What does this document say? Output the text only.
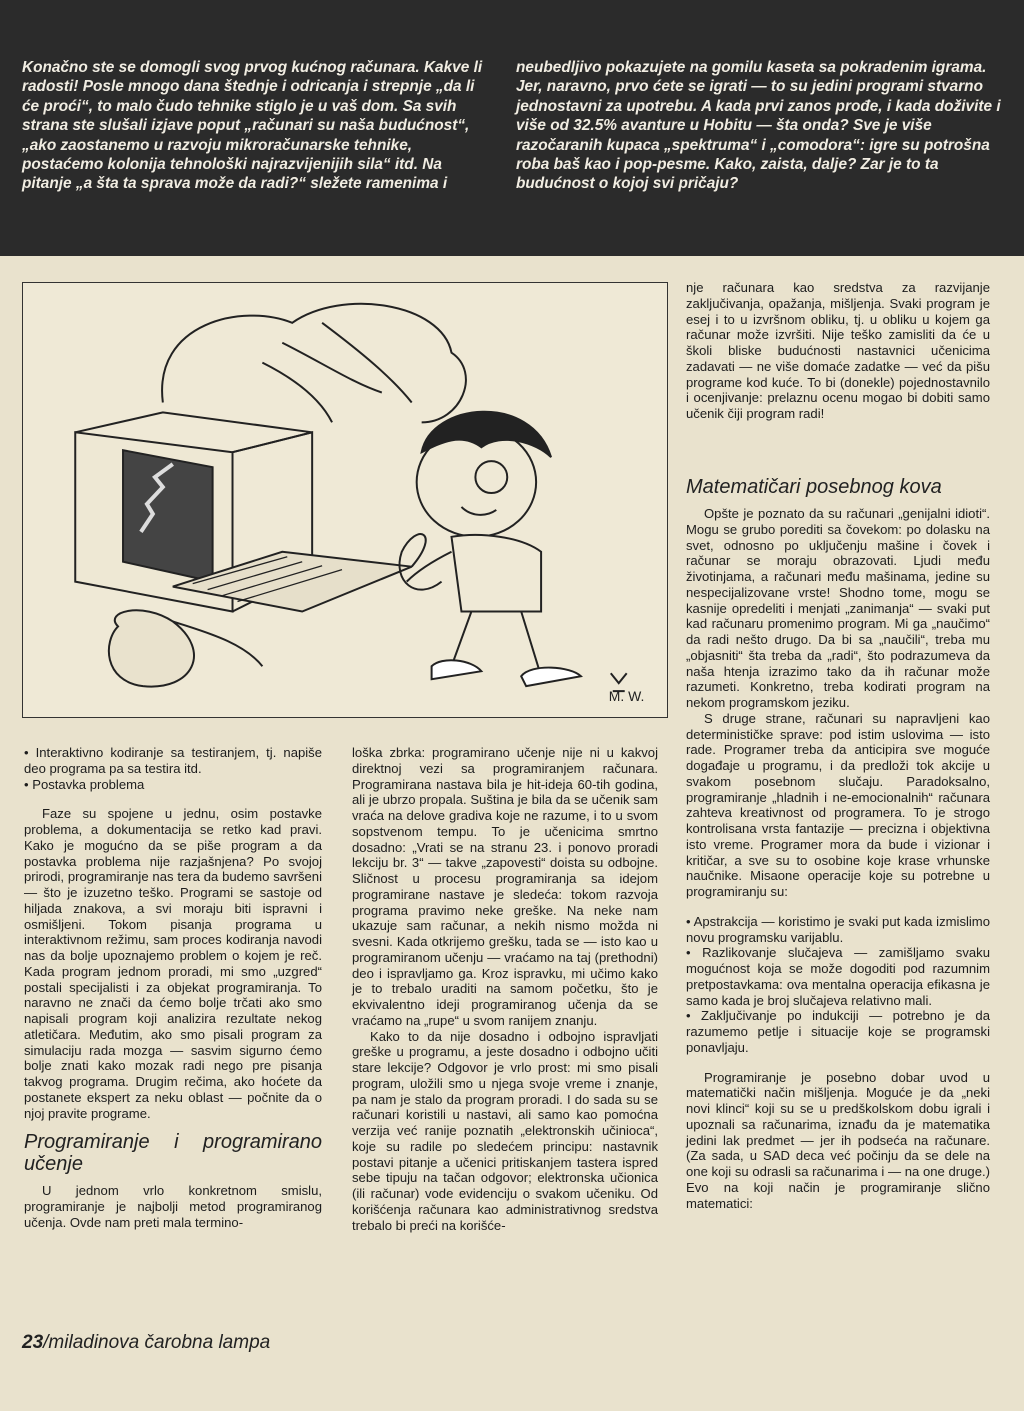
Konačno ste se domogli svog prvog kućnog računara. Kakve li radosti! Posle mnogo dana štednje i odricanja i strepnje „da li će proći“, to malo čudo tehnike stiglo je u vaš dom. Sa svih strana ste slušali izjave poput „računari su naša budućnost“, „ako zaostanemo u razvoju mikroračunarske tehnike, postaćemo kolonija tehnološki najrazvijenijih sila“ itd. Na pitanje „a šta ta sprava može da radi?“ sležete ramenima i

neubedljivo pokazujete na gomilu kaseta sa pokradenim igrama. Jer, naravno, prvo ćete se igrati — to su jedini programi stvarno jednostavni za upotrebu. A kada prvi zanos prođe, i kada doživite i više od 32.5% avanture u Hobitu — šta onda? Sve je više razočaranih kupaca „spektruma“ i „comodora“: igre su potrošna roba baš kao i pop-pesme. Kako, zaista, dalje? Zar je to ta budućnost o kojoj svi pričaju?

M. W.

• Interaktivno kodiranje sa testiranjem, tj. napiše deo programa pa sa testira itd.

• Postavka problema

Faze su spojene u jednu, osim postavke problema, a dokumentacija se retko kad pravi. Kako je mogućno da se piše program a da postavka problema nije razjašnjena? Po svojoj prirodi, programiranje nas tera da budemo savršeni — što je izuzetno teško. Programi se sastoje od hiljada znakova, a svi moraju biti ispravni i osmišljeni. Tokom pisanja programa u interaktivnom režimu, sam proces kodiranja navodi nas da bolje upoznajemo problem o kojem je reč. Kada program jednom proradi, mi smo „uzgred“ postali specijalisti i za objekat programiranja. To naravno ne znači da ćemo bolje trčati ako smo napisali program koji analizira rezultate nekog atletičara. Međutim, ako smo pisali program za simulaciju rada mozga — sasvim sigurno ćemo bolje znati kako mozak radi nego pre pisanja takvog programa. Drugim rečima, ako hoćete da postanete ekspert za neku oblast — počnite da o njoj pravite programe.

Programiranje i programirano učenje

U jednom vrlo konkretnom smislu, programiranje je najbolji metod programiranog učenja. Ovde nam preti mala termino-

loška zbrka: programirano učenje nije ni u kakvoj direktnoj vezi sa programiranjem računara. Programirana nastava bila je hit-ideja 60-tih godina, ali je ubrzo propala. Suština je bila da se učenik sam vraća na delove gradiva koje ne razume, i to u svom sopstvenom tempu. To je učenicima smrtno dosadno: „Vrati se na stranu 23. i ponovo proradi lekciju br. 3“ — takve „zapovesti“ doista su odbojne. Sličnost u procesu programiranja sa idejom programirane nastave je sledeća: tokom razvoja programa pravimo neke greške. Na neke nam ukazuje sam računar, a nekih nismo možda ni svesni. Kada otkrijemo grešku, tada se — isto kao u programiranom učenju — vraćamo na taj (prethodni) deo i ispravljamo ga. Kroz ispravku, mi učimo kako je to trebalo uraditi na samom početku, što je ekvivalentno ideji programiranog učenja da se vraćamo na „rupe“ u svom ranijem znanju.

Kako to da nije dosadno i odbojno ispravljati greške u programu, a jeste dosadno i odbojno učiti stare lekcije? Odgovor je vrlo prost: mi smo pisali program, uložili smo u njega svoje vreme i znanje, pa nam je stalo da program proradi. I do sada su se računari koristili u nastavi, ali samo kao pomoćna verzija već ranije poznatih „elektronskih učinioca“, koje su radile po sledećem principu: nastavnik postavi pitanje a učenici pritiskanjem tastera ispred sebe tipuju na tačan odgovor; elektronska učionica (ili računar) vode evidenciju o svakom učeniku. Od korišćenja računara kao administrativnog sredstva trebalo bi preći na korišće-

nje računara kao sredstva za razvijanje zaključivanja, opažanja, mišljenja. Svaki program je esej i to u izvršnom obliku, tj. u obliku u kojem ga računar može izvršiti. Nije teško zamisliti da će u školi bliske budućnosti nastavnici učenicima zadavati — ne više domaće zadatke — već da pišu programe kod kuće. To bi (donekle) pojednostavnilo i ocenjivanje: prelaznu ocenu mogao bi dobiti samo učenik čiji program radi!

Matematičari posebnog kova

Opšte je poznato da su računari „genijalni idioti“. Mogu se grubo porediti sa čovekom: po dolasku na svet, odnosno po uključenju mašine i čovek i računar se moraju obrazovati. Ljudi među životinjama, a računari među mašinama, jedine su nespecijalizovane vrste! Shodno tome, mogu se kasnije opredeliti i menjati „zanimanja“ — svaki put kad računaru promenimo program. Mi ga „naučimo“ da radi nešto drugo. Da bi sa „naučili“, treba mu „objasniti“ šta treba da „radi“, što podrazumeva da naša htenja izrazimo tako da ih računar može razumeti. Konkretno, treba kodirati program na nekom programskom jeziku.

S druge strane, računari su napravljeni kao determinističke sprave: pod istim uslovima — isto rade. Programer treba da anticipira sve moguće događaje u programu, i da predloži tok akcije u svakom posebnom slučaju. Paradoksalno, programiranje „hladnih i ne-emocionalnih“ računara zahteva kreativnost od programera. To je strogo kontrolisana vrsta fantazije — precizna i objektivna isto vreme. Programer mora da bude i vizionar i kritičar, a sve su to osobine koje krase vrhunske naučnike. Misaone operacije koje su potrebne u programiranju su:

• Apstrakcija — koristimo je svaki put kada izmislimo novu programsku varijablu.

• Razlikovanje slučajeva — zamišljamo svaku mogućnost koja se može dogoditi pod razumnim pretpostavkama: ova mentalna operacija efikasna je samo kada je broj slučajeva relativno mali.

• Zaključivanje po indukciji — potrebno je da razumemo petlje i situacije koje se programski ponavljaju.

Programiranje je posebno dobar uvod u matematički način mišljenja. Moguće je da „neki novi klinci“ koji su se u predškolskom dobu igrali i upoznali sa računarima, iznađu da je matematika jedini lak predmet — jer ih podseća na računare. (Za sada, u SAD deca već počinju da se dele na one koji su odrasli sa računarima i — na one druge.) Evo na koji način je programiranje slično matematici:

23/miladinova čarobna lampa
